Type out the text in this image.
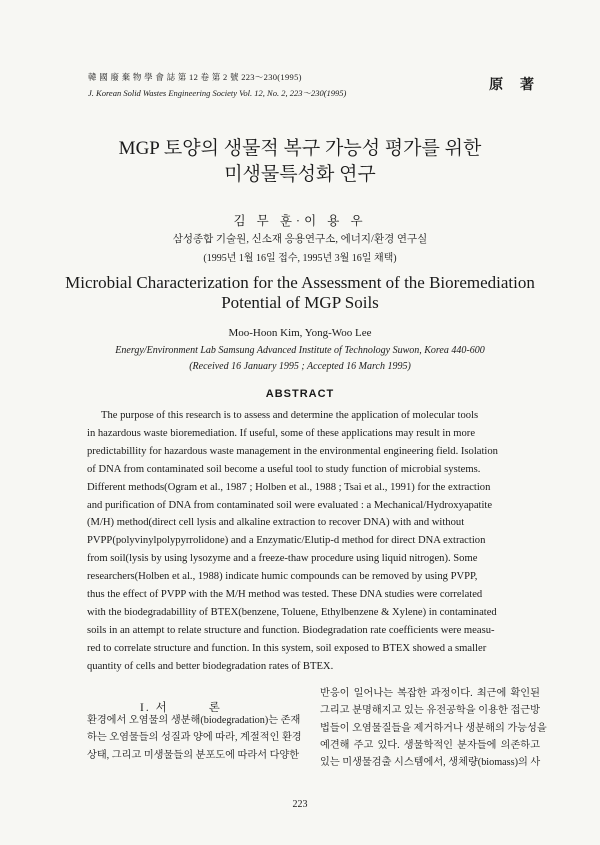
韓 國 廢 棄 物 學 會 誌 第 12 卷 第 2 號 223～230(1995)
J. Korean Solid Wastes Engineering Society Vol. 12, No. 2, 223～230(1995)	原 著
MGP 토양의 생물적 복구 가능성 평가를 위한
미생물특성화 연구
김 무 훈·이 용 우
삼성종합 기술원, 신소재 응용연구소, 에너지/환경 연구실
(1995년 1월 16일 접수, 1995년 3월 16일 채택)
Microbial Characterization for the Assessment of the Bioremediation
Potential of MGP Soils
Moo-Hoon Kim, Yong-Woo Lee
Energy/Environment Lab Samsung Advanced Institute of Technology Suwon, Korea 440-600
(Received 16 January 1995 ; Accepted 16 March 1995)
ABSTRACT
The purpose of this research is to assess and determine the application of molecular tools
in hazardous waste bioremediation. If useful, some of these applications may result in more
predictabillity for hazardous waste management in the environmental engineering field. Isolation
of DNA from contaminated soil become a useful tool to study function of microbial systems.
Different methods(Ogram et al., 1987 ; Holben et al., 1988 ; Tsai et al., 1991) for the extraction
and purification of DNA from contaminated soil were evaluated : a Mechanical/Hydroxyapatite
(M/H) method(direct cell lysis and alkaline extraction to recover DNA) with and without
PVPP(polyvinylpolypyrrolidone) and a Enzymatic/Elutip-d method for direct DNA extraction
from soil(lysis by using lysozyme and a freeze-thaw procedure using liquid nitrogen). Some
researchers(Holben et al., 1988) indicate humic compounds can be removed by using PVPP,
thus the effect of PVPP with the M/H method was tested. These DNA studies were correlated
with the biodegradabillity of BTEX(benzene, Toluene, Ethylbenzene & Xylene) in contaminated
soils in an attempt to relate structure and function. Biodegradation rate coefficients were measu-
red to correlate structure and function. In this system, soil exposed to BTEX showed a smaller
quantity of cells and better biodegradation rates of BTEX.
I. 서	론
환경에서 오염물의 생분해(biodegradation)는 존재
하는 오염물들의 성질과 양에 따라, 계절적인 환경
상태, 그리고 미생물들의 분포도에 따라서 다양한
반응이 일어나는 복잡한 과정이다. 최근에 확인된
그리고 분명해지고 있는 유전공학을 이용한 접근방
법들이 오염물질들을 제거하거나 생분해의 가능성을
예견해 주고 있다. 생물학적인 분자들에 의존하고
있는 미생물검출 시스템에서, 생체량(biomass)의 사
223
